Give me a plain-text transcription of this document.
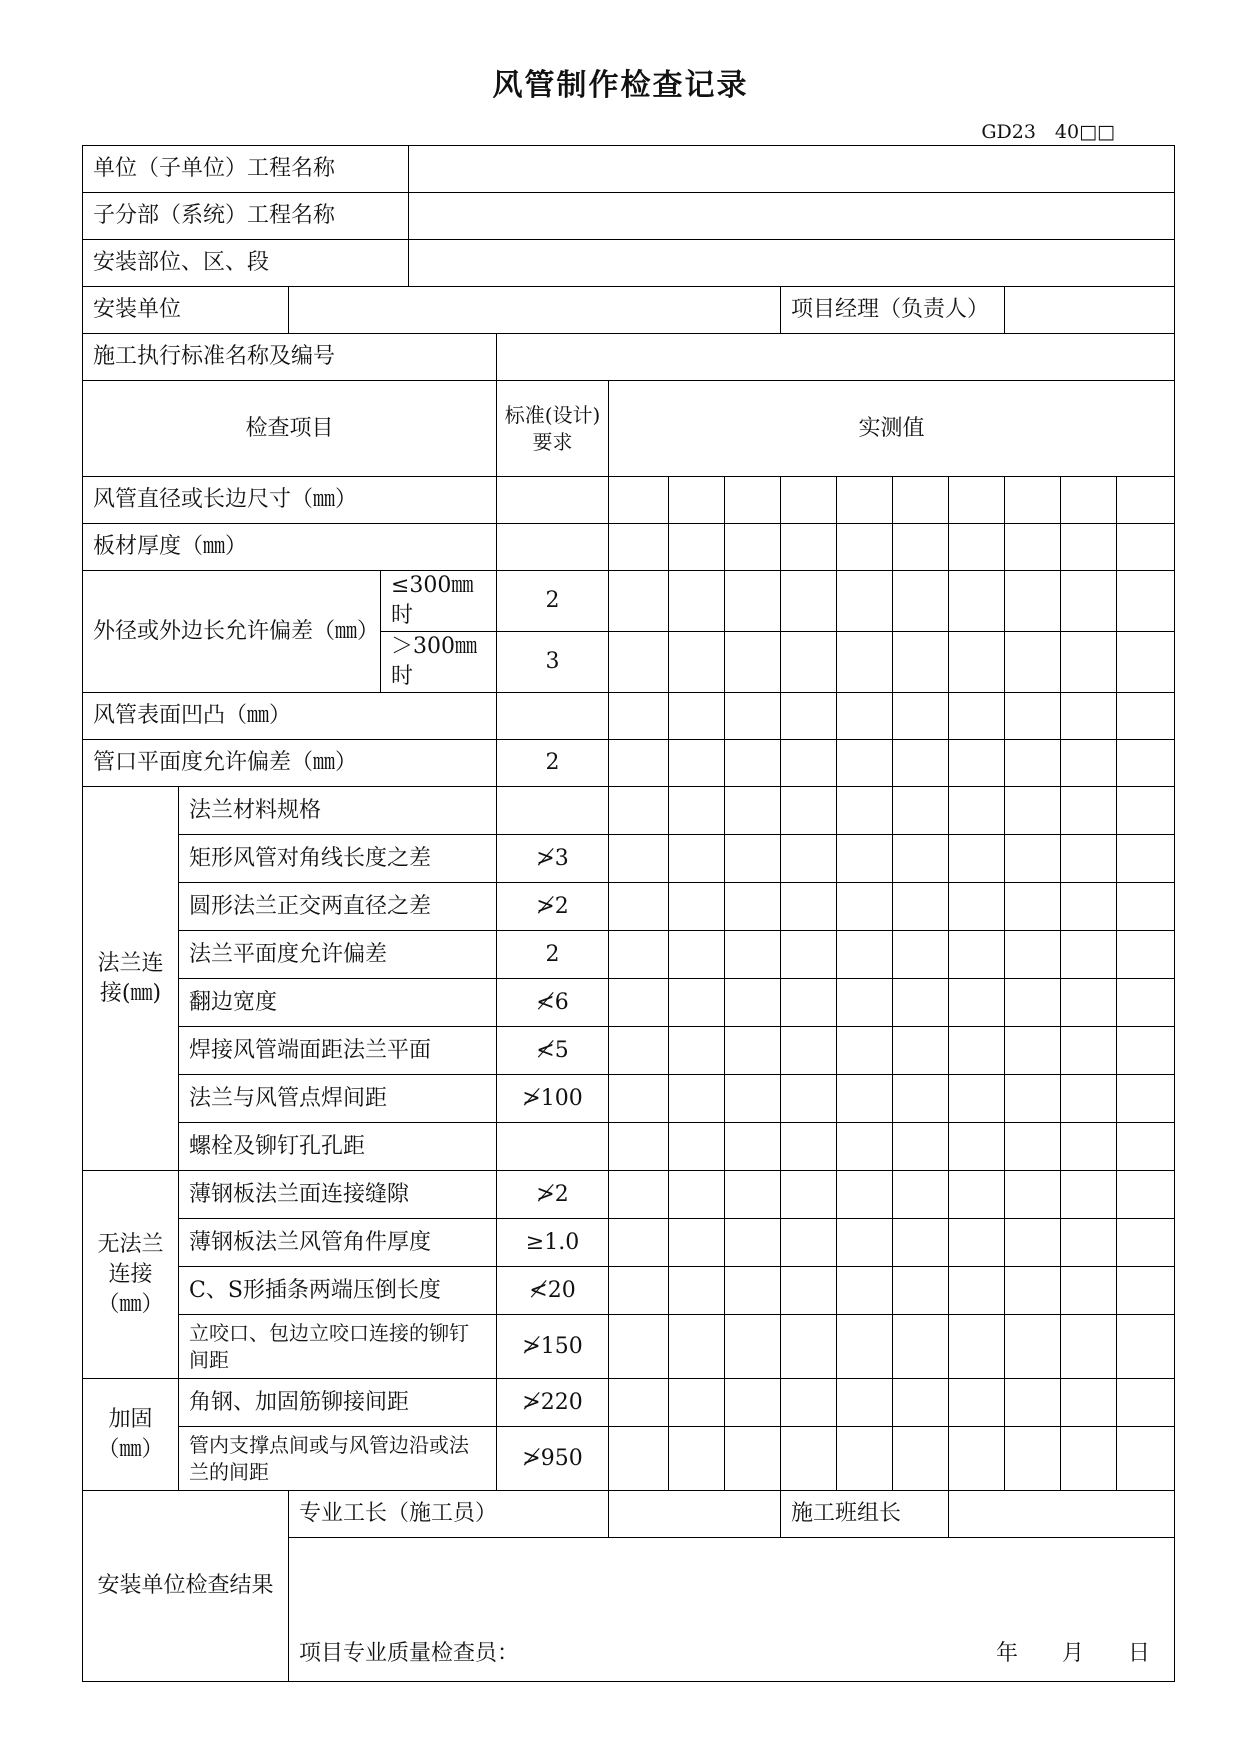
风管制作检查记录
GD23　40□□
单位（子单位）工程名称															
子分部（系统）工程名称															
安装部位、区、段															
安装单位									项目经理（负责人）						
施工执行标准名称及编号															
检查项目					标准(设计)要求	实测值									
风管直径或长边尺寸（㎜）															
板材厚度（㎜）															
外径或外边长允许偏差（㎜）			≤300㎜时		2										
			＞300㎜时		3										
风管表面凹凸（㎜）															
管口平面度允许偏差（㎜）					2										
法兰连接(㎜)	法兰材料规格														
	矩形风管对角线长度之差				≯3										
	圆形法兰正交两直径之差				≯2										
	法兰平面度允许偏差				2										
	翻边宽度				≮6										
	焊接风管端面距法兰平面				≮5										
	法兰与风管点焊间距				≯100										
	螺栓及铆钉孔孔距														
无法兰连接（㎜）	薄钢板法兰面连接缝隙				≯2										
	薄钢板法兰风管角件厚度				≥1.0										
	C、S形插条两端压倒长度				≮20										
	立咬口、包边立咬口连接的铆钉间距				≯150										
加固（㎜）	角钢、加固筋铆接间距				≯220										
	管内支撑点间或与风管边沿或法兰的间距				≯950										
安装单位检查结果		专业工长（施工员）							施工班组长						

		项目专业质量检查员： 年　　月　　日													
